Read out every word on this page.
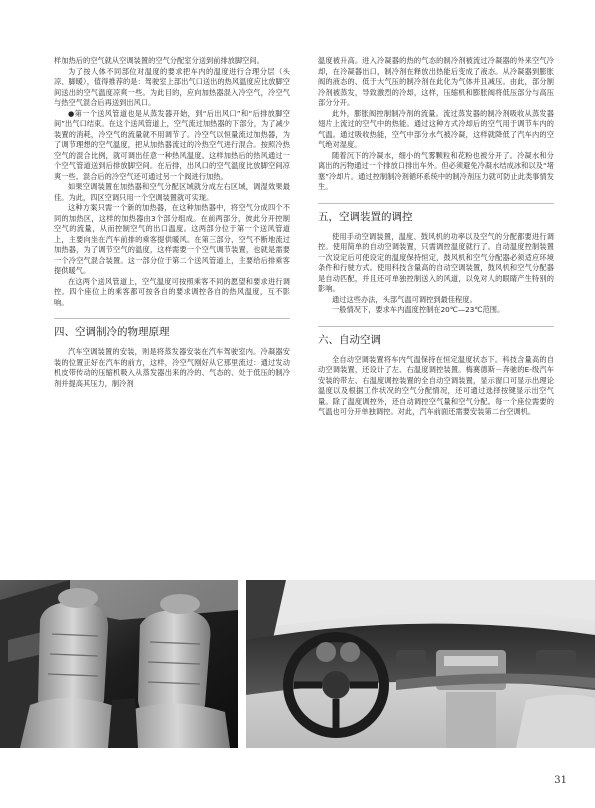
样加热后的空气就从空调装置的空气分配室分送到前排放脚空间。

为了按人体不同部位对温度的要求把车内的温度进行合理分层（头凉、脚暖），值得推荐的是：驾驶室上部出气口送出的热风温度应比放脚空间送出的空气温度凉爽一些。为此目的，应向加热器混入冷空气，冷空气与热空气混合后再送到出风口。

●第一个送风管道也是从蒸发器开始，到“后出风口”和“后排放脚空间”出气口结束。在这个送风管道上，空气流过加热器的下部分，为了减少装置的消耗，冷空气的流量就不用调节了。冷空气以恒量流过加热器，为了调节理想的空气温度，把从加热器流过的冷热空气进行混合。按照冷热空气的混合比例，就可调出任意一种热风温度。这样加热后的热风通过一个空气管道送到后排放脚空间。在后排，出风口的空气温度比放脚空间凉爽一些。混合后的冷空气还可通过另一个阀进行加热。

如果空调装置在加热器和空气分配区域就分成左右区域，调湿效果最佳。为此，四区空调只用一个空调装置就可实现。

这种方案只需一个新的加热器，在这种加热器中，将空气分成四个不同的加热区，这样的加热器由3个部分组成。在前两部分，彼此分开控制空气的流量，从而控制空气的出口温度。这两部分位于第一个送风管道上，主要向坐在汽车前排的乘客提供暖风。在第三部分，空气不断地流过加热器，为了调节空气的温度，这样需要一个空气调节装置，也就是需要一个冷空气混合装置。这一部分位于第二个送风管道上，主要给后排乘客提供暖气。

在这两个送风管道上，空气温度可按照乘客不同的愿望和要求进行调控。四个座位上的乘客都可按各自的要求调控各自的热风温度，互不影响。

四、空调制冷的物理原理

汽车空调装置的安装，则是将蒸发器安装在汽车驾驶室内。冷凝器安装的位置正好在汽车的前方，这样，冷空气刚好从它那里流过：通过发动机皮带传动的压缩机吸入从蒸发器出来的冷的、气态的、处于低压的制冷剂并提高其压力，制冷剂

温度被升高。进入冷凝器的热的气态的制冷剂被流过冷凝器的外来空气冷却，在冷凝器出口，制冷剂在释放出热能后变成了液态。从冷凝器到膨胀阀的液态的、低于大气压的制冷剂在此化为气体并且减压。由此，部分制冷剂被蒸发，导致激烈的冷却，这样，压缩机和膨胀阀将低压部分与高压部分分开。

此外，膨胀阀控制制冷剂的流量。流过蒸发器的制冷剂吸收从蒸发器翅片上流过的空气中的热能。通过这种方式冷却后的空气用于调节车内的气温。通过吸收热能，空气中部分水气被冷凝，这样就降低了汽车内的空气绝对湿度。

随着沉下的冷凝水，细小的气雾颗粒和花粉也被分开了。冷凝水和分离出的污物通过一个排放口排出车外。但必须避免冷凝水结成冰和以及“堵塞”冷却片。通过控制制冷剂循环系统中的制冷剂压力就可防止此类事情发生。

五，空调装置的调控

使用手动空调装置，温度、鼓风机的功率以及空气的分配都要进行调控。使用简单的自动空调装置，只需调控温度就行了。自动温度控制装置一次设定后可使设定的温度保持恒定，鼓风机和空气分配器必须适应环境条件和行驶方式。使用科技含量高的自动空调装置，鼓风机和空气分配器是自动匹配，并且还可单独控制送入的风道，以免对人的眼睛产生特别的影响。

通过这些办法，头部气温可调控到最佳程度。

一般情况下，要求车内温度控制在20℃—23℃范围。

六、自动空调

全自动空调装置将车内气温保持在恒定温度状态下。科技含量高的自动空调装置，还设计了左、右温度调控装置。梅赛德斯－奔驰的E-级汽车安装的带左、右温度调控装置的全自动空调装置，显示窗口可显示出理论温度以及根据工作状况的空气分配情况，还可通过选择按键显示出空气量。除了温度调控外，还自动调控空气量和空气分配。每一个座位需要的气温也可分开单独调控。对此，汽车前面还需要安装第二台空调机。

31
